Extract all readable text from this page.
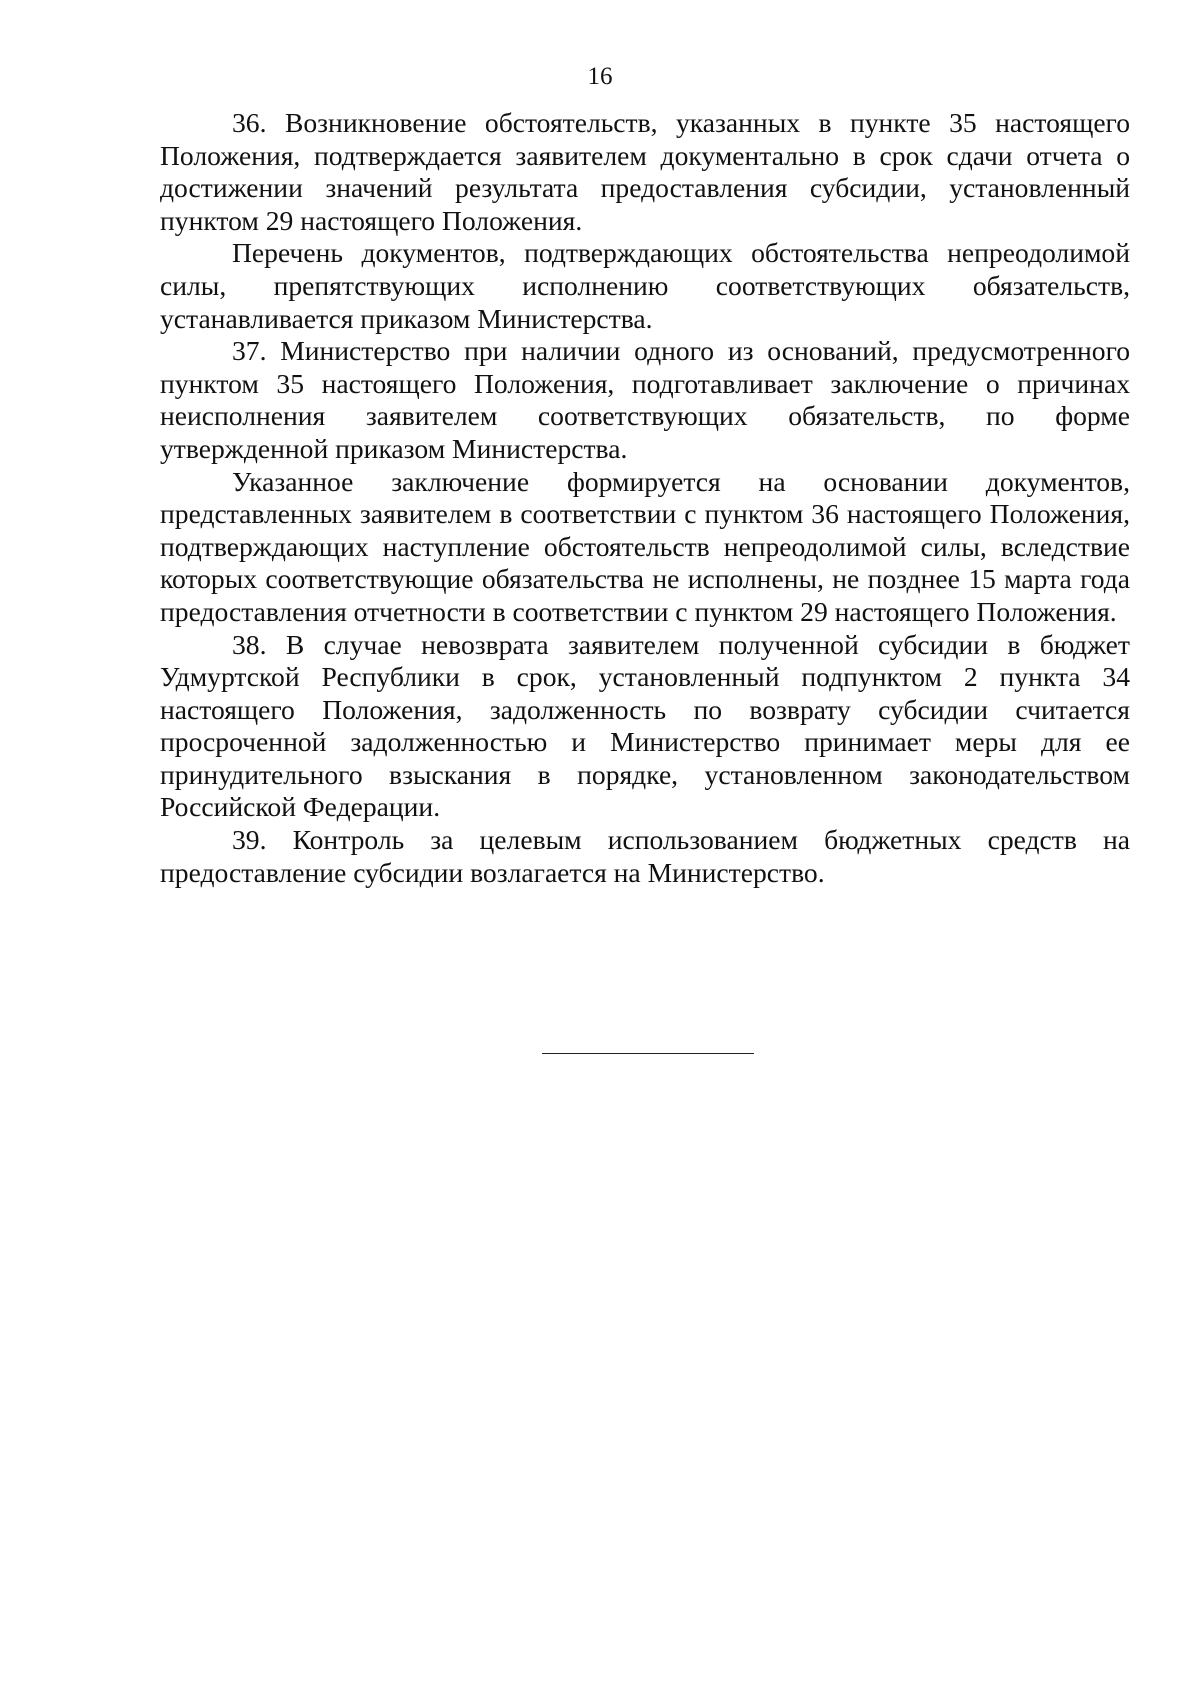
16

36. Возникновение обстоятельств, указанных в пункте 35 настоящего Положения, подтверждается заявителем документально в срок сдачи отчета о достижении значений результата предоставления субсидии, установленный пунктом 29 настоящего Положения.

Перечень документов, подтверждающих обстоятельства непреодолимой силы, препятствующих исполнению соответствующих обязательств, устанавливается приказом Министерства.

37. Министерство при наличии одного из оснований, предусмотренного пунктом 35 настоящего Положения, подготавливает заключение о причинах неисполнения заявителем соответствующих обязательств, по форме утвержденной приказом Министерства.

Указанное заключение формируется на основании документов, представленных заявителем в соответствии с пунктом 36 настоящего Положения, подтверждающих наступление обстоятельств непреодолимой силы, вследствие которых соответствующие обязательства не исполнены, не позднее 15 марта года предоставления отчетности в соответствии с пунктом 29 настоящего Положения.

38. В случае невозврата заявителем полученной субсидии в бюджет Удмуртской Республики в срок, установленный подпунктом 2 пункта 34 настоящего Положения, задолженность по возврату субсидии считается просроченной задолженностью и Министерство принимает меры для ее принудительного взыскания в порядке, установленном законодательством Российской Федерации.

39. Контроль за целевым использованием бюджетных средств на предоставление субсидии возлагается на Министерство.
